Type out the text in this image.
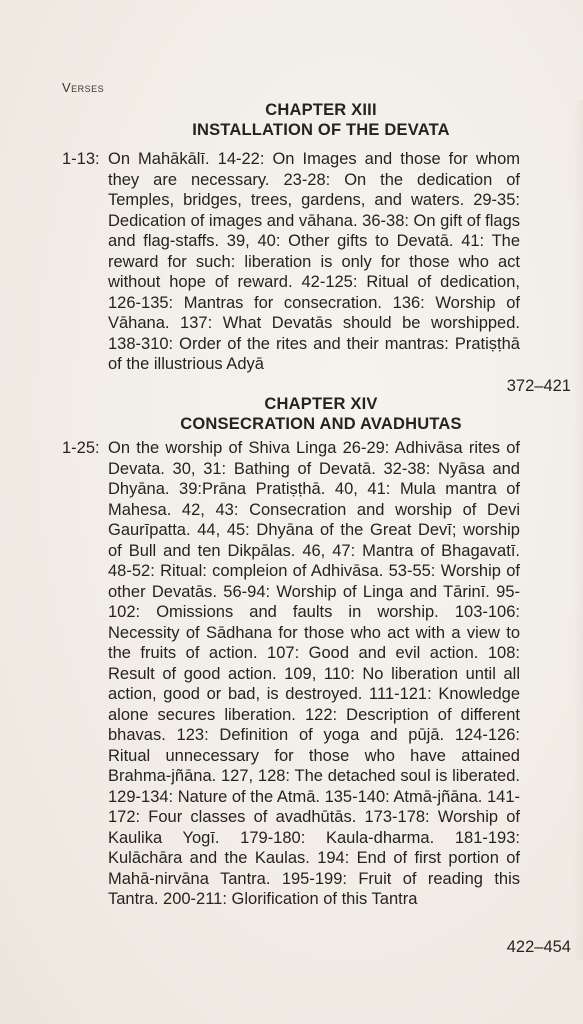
Verses
CHAPTER XIII
INSTALLATION OF THE DEVATA
1-13: On Mahākālī. 14-22: On Images and those for whom they are necessary. 23-28: On the dedication of Temples, bridges, trees, gardens, and waters. 29-35: Dedication of images and vāhana. 36-38: On gift of flags and flag-staffs. 39, 40: Other gifts to Devatā. 41: The reward for such: liberation is only for those who act without hope of reward. 42-125: Ritual of dedication, 126-135: Mantras for consecration. 136: Worship of Vāhana. 137: What Devatās should be worshipped. 138-310: Order of the rites and their mantras: Pratiṣṭhā of the illustrious Adyā
372–421
CHAPTER XIV
CONSECRATION AND AVADHUTAS
1-25: On the worship of Shiva Linga 26-29: Adhivāsa rites of Devata. 30, 31: Bathing of Devatā. 32-38: Nyāsa and Dhyāna. 39:Prāna Pratiṣṭhā. 40, 41: Mula mantra of Mahesa. 42, 43: Consecration and worship of Devi Gaurīpatta. 44, 45: Dhyāna of the Great Devī; worship of Bull and ten Dikpālas. 46, 47: Mantra of Bhagavatī. 48-52: Ritual: compleion of Adhivāsa. 53-55: Worship of other Devatās. 56-94: Worship of Linga and Tārinī. 95-102: Omissions and faults in worship. 103-106: Necessity of Sādhana for those who act with a view to the fruits of action. 107: Good and evil action. 108: Result of good action. 109, 110: No liberation until all action, good or bad, is destroyed. 111-121: Knowledge alone secures liberation. 122: Description of different bhavas. 123: Definition of yoga and pūjā. 124-126: Ritual unnecessary for those who have attained Brahma-jñāna. 127, 128: The detached soul is liberated. 129-134: Nature of the Atmā. 135-140: Atmā-jñāna. 141-172: Four classes of avadhūtās. 173-178: Worship of Kaulika Yogī. 179-180: Kaula-dharma. 181-193: Kulāchāra and the Kaulas. 194: End of first portion of Mahā-nirvāna Tantra. 195-199: Fruit of reading this Tantra. 200-211: Glorification of this Tantra
422–454
